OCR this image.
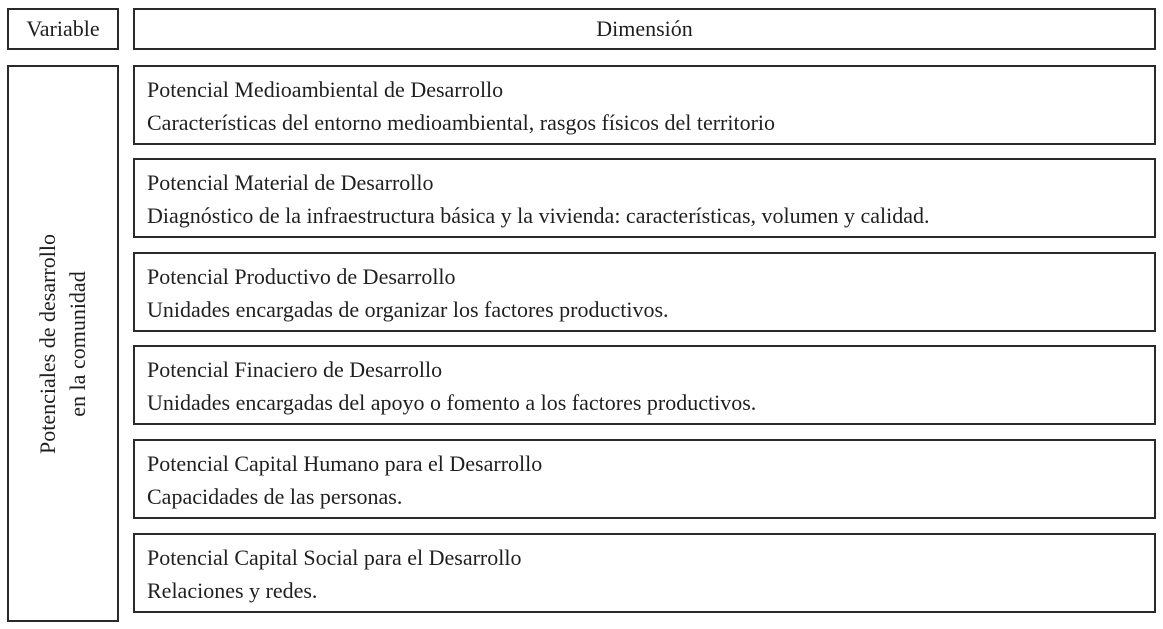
Variable	Dimensión
Potenciales de desarrollo en la comunidad
Potencial Medioambiental de Desarrollo
Características del entorno medioambiental, rasgos físicos del territorio
Potencial Material de Desarrollo
Diagnóstico de la infraestructura básica y la vivienda: características, volumen y calidad.
Potencial Productivo de Desarrollo
Unidades encargadas de organizar los factores productivos.
Potencial Finaciero de Desarrollo
Unidades encargadas del apoyo o fomento a los factores productivos.
Potencial Capital Humano para el Desarrollo
Capacidades de las personas.
Potencial Capital Social para el Desarrollo
Relaciones y redes.
